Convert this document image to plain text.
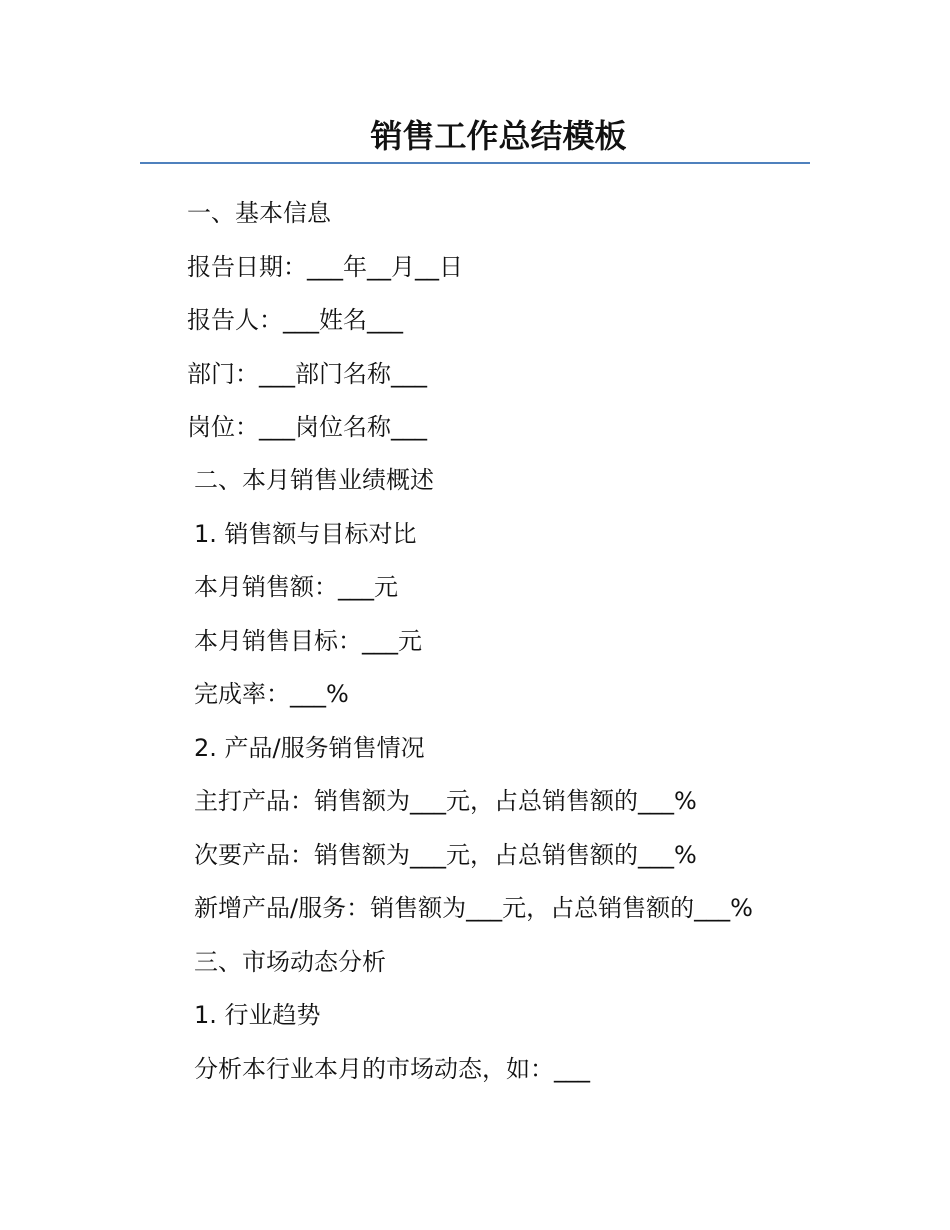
销售工作总结模板

一、基本信息

报告日期：___年__月__日

报告人：___姓名___

部门：___部门名称___

岗位：___岗位名称___

二、本月销售业绩概述

1. 销售额与目标对比

本月销售额：___元

本月销售目标：___元

完成率：___%

2. 产品/服务销售情况

主打产品：销售额为___元，占总销售额的___%

次要产品：销售额为___元，占总销售额的___%

新增产品/服务：销售额为___元，占总销售额的___%

三、市场动态分析

1. 行业趋势

分析本行业本月的市场动态，如：___
